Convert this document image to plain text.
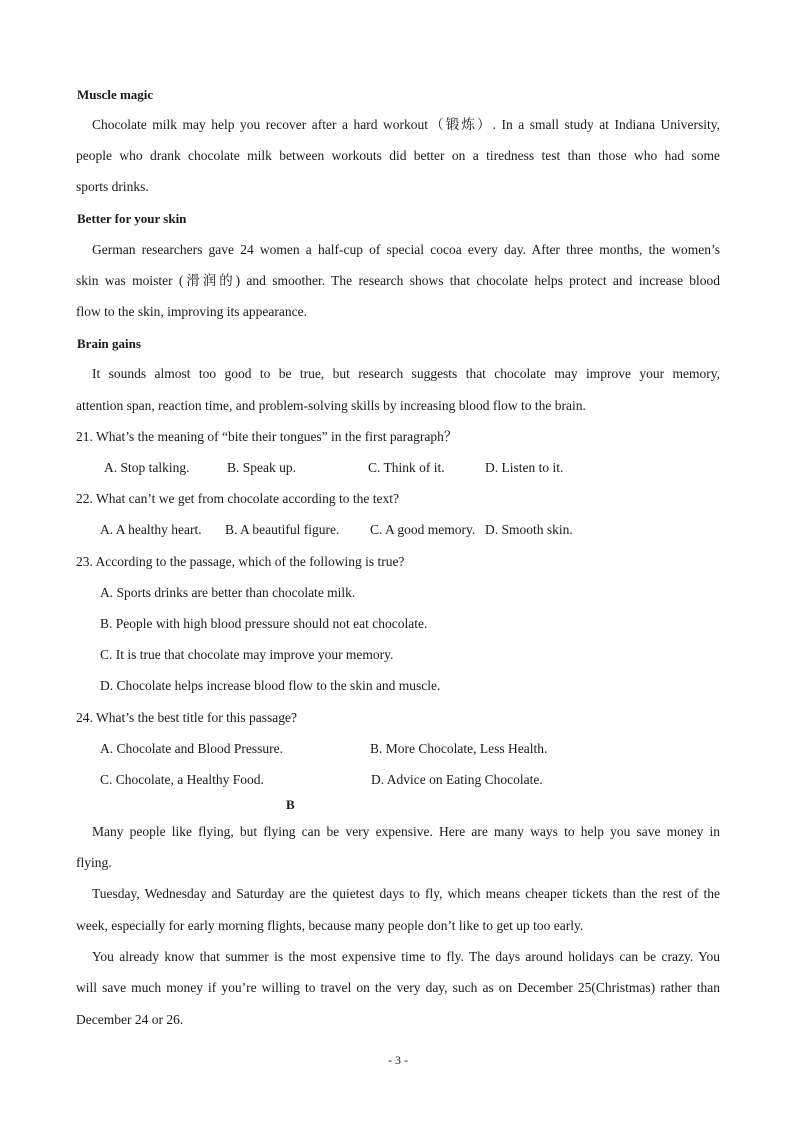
Muscle magic
Chocolate milk may help you recover after a hard workout（锻炼）. In a small study at Indiana University,
people who drank chocolate milk between workouts did better on a tiredness test than those who had some
sports drinks.
Better for your skin
German researchers gave 24 women a half-cup of special cocoa every day. After three months, the women’s
skin was moister (滑润的) and smoother. The research shows that chocolate helps protect and increase blood
flow to the skin, improving its appearance.
Brain gains
It sounds almost too good to be true, but research suggests that chocolate may improve your memory,
attention span, reaction time, and problem-solving skills by increasing blood flow to the brain.
21. What’s the meaning of “bite their tongues” in the first paragraph？
A. Stop talking.	B. Speak up.	C. Think of it.	D. Listen to it.
22. What can’t we get from chocolate according to the text?
A. A healthy heart. B. A beautiful figure. C. A good memory. D. Smooth skin.
23. According to the passage, which of the following is true?
A. Sports drinks are better than chocolate milk.
B. People with high blood pressure should not eat chocolate.
C. It is true that chocolate may improve your memory.
D. Chocolate helps increase blood flow to the skin and muscle.
24. What’s the best title for this passage?
A. Chocolate and Blood Pressure.	B. More Chocolate, Less Health.
C. Chocolate, a Healthy Food.	D. Advice on Eating Chocolate.
B
Many people like flying, but flying can be very expensive. Here are many ways to help you save money in
flying.
Tuesday, Wednesday and Saturday are the quietest days to fly, which means cheaper tickets than the rest of the
week, especially for early morning flights, because many people don’t like to get up too early.
You already know that summer is the most expensive time to fly. The days around holidays can be crazy. You
will save much money if you’re willing to travel on the very day, such as on December 25(Christmas) rather than
December 24 or 26.
- 3 -
